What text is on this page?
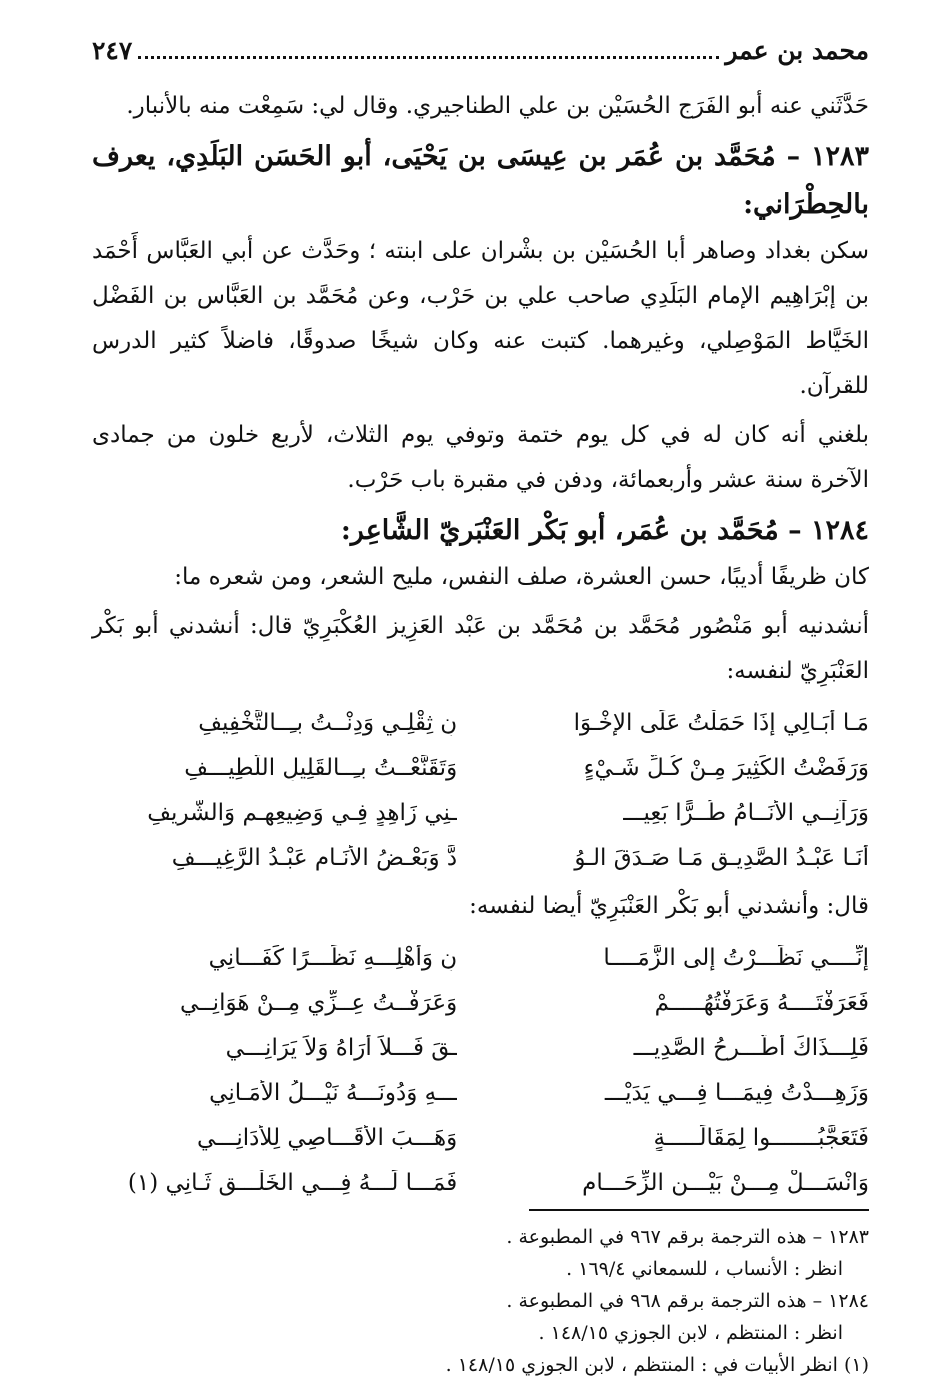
محمد بن عمر
٢٤٧

حَدَّثَني عنه أبو الفَرَج الحُسَيْن بن علي الطناجيري. وقال لي: سَمِعْت منه بالأنبار.

١٢٨٣ – مُحَمَّد بن عُمَر بن عِيسَى بن يَحْيَى، أبو الحَسَن البَلَدِي، يعرف بالحِطْرَاني:

سكن بغداد وصاهر أبا الحُسَيْن بن بشْران على ابنته ؛ وحَدَّث عن أبي العَبَّاس أَحْمَد بن إبْرَاهِيم الإمام البَلَدِي صاحب علي بن حَرْب، وعن مُحَمَّد بن العَبَّاس بن الفَضْل الخَيَّاط المَوْصِلي، وغيرهما. كتبت عنه وكان شيخًا صدوقًا، فاضلاً كثير الدرس للقرآن.

بلغني أنه كان له في كل يوم ختمة وتوفي يوم الثلاث، لأربع خلون من جمادى الآخرة سنة عشر وأربعمائة، ودفن في مقبرة باب حَرْب.

١٢٨٤ – مُحَمَّد بن عُمَر، أبو بَكْر العَنْبَريّ الشَّاعِر:

كان ظريفًا أديبًا، حسن العشرة، صلف النفس، مليح الشعر، ومن شعره ما:

أنشدنيه أبو مَنْصُور مُحَمَّد بن مُحَمَّد بن عَبْد العَزِيز العُكْبَرِيّ قال: أنشدني أبو بَكْر العَنْبَرِيّ لنفسه:

مَـا أُبَـالِي إِذَا حَمَلْتُ عَلَى الإِخْـوَا
نِ ثِقْلِـي وَدِنْــتُ بـِــالتَّخْفِيفِ
وَرَفَضْتُ الكَثِيرَ مِـنْ كُـلِّ شَـيْءٍ
وَتَقَنَّعْــتُ بـِــالقَلِيلِ اللَّطِيـــفِ
وَرَآنِــي الأَنَــامُ طُــرًّا بَعِيـــ
ـنِي زَاهِدٍ فِـي وَضِيعِهِـم وَالشَّرِيفِ
أَنَـا عَبْـدُ الصَّدِيـقِ مَـا صَـدَقَ الـوُ
دَّ وَبَعْـضُ الأَنَـامِ عَبْـدُ الرَّغِيـــفِ

قال: وأنشدني أبو بَكْر العَنْبَرِيّ أيضا لنفسه:

إِنِّــــي نَظَـــرْتُ إِلى الزَّمَــــا
نِ وَأَهْلِـــهِ نَظَـــرًا كَفَـــانِي
فَعَرَفْتَــــهُ وَعَرَفْتُهُـــــمْ
وَعَرَفْــتُ عِــزِّي مِــنْ هَوَانِــي
فَلِـــذَاكَ أَطَّـــرِحُ الصَّدِيـــ
ـقَ فَـــلاَ أَرَاهُ وَلاَ يَرَانِـــي
وَزَهِـــدْتُ فِيمَـــا فِـــي يَدَيْـــ
ـــهِ وَدُونَـــهُ نَيْـــلُ الأَمَـانِي
فَتَعَجَّبُـــــــوا لِمَقَالَـــــةٍ
وَهَـــبَ الأَقَـــاصِي لِلأَدَانِـــي
وَانْسَـــلْ مِـــنْ بَيْـــنِ الزِّحَـــامِ
فَمَـــا لَـــهُ فِـــي الخَلْـــقِ ثَـانِي (١)

١٢٨٣ – هذه الترجمة برقم ٩٦٧ في المطبوعة .

انظر : الأنساب ، للسمعاني ١٦٩/٤ .

١٢٨٤ – هذه الترجمة برقم ٩٦٨ في المطبوعة .

انظر : المنتظم ، لابن الجوزي ١٤٨/١٥ .

(١) انظر الأبيات في : المنتظم ، لابن الجوزي ١٤٨/١٥ .
